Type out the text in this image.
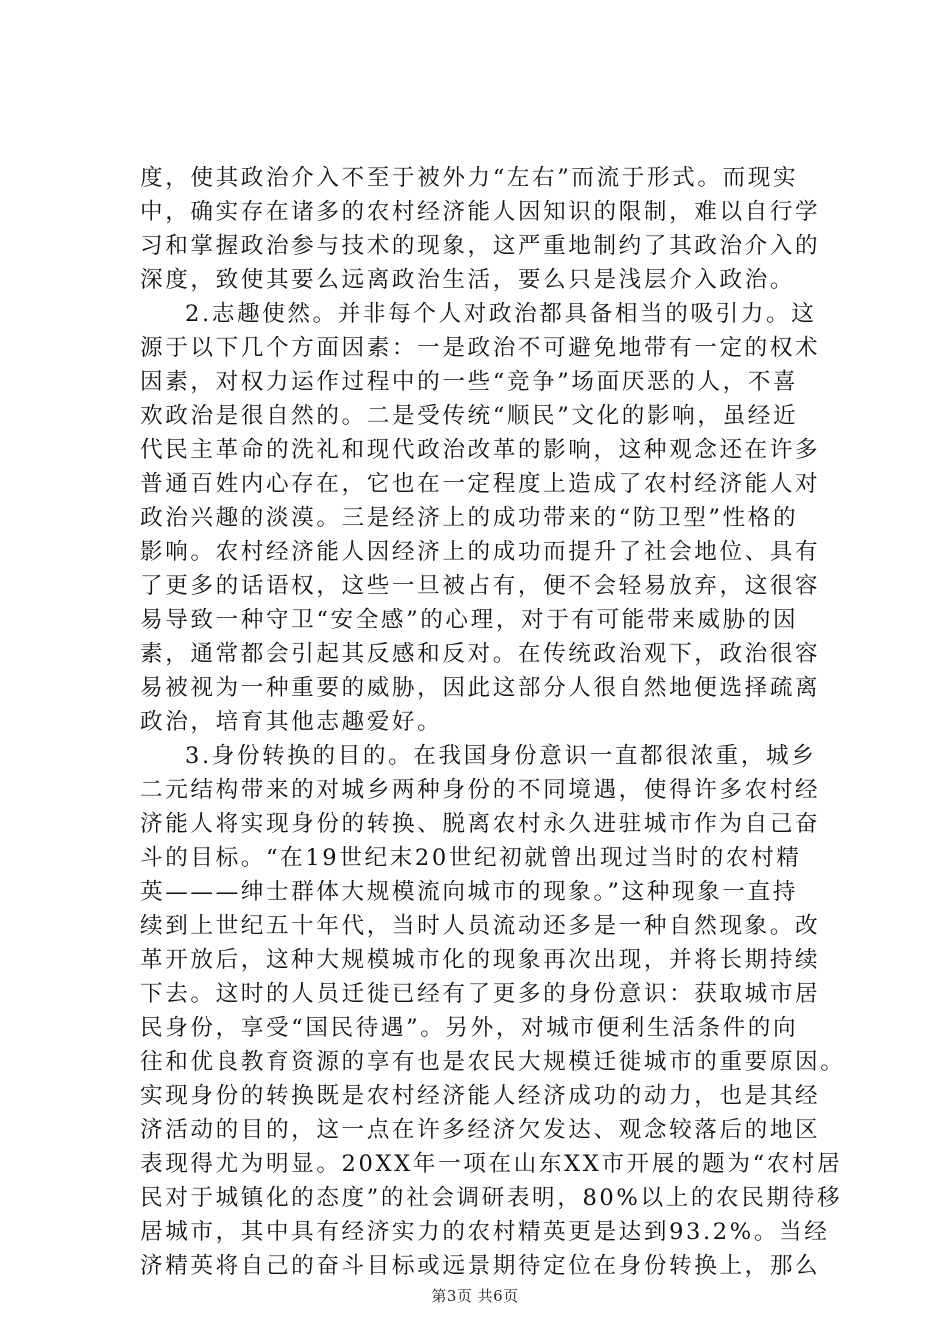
度，使其政治介入不至于被外力“左右”而流于形式。而现实
中，确实存在诸多的农村经济能人因知识的限制，难以自行学
习和掌握政治参与技术的现象，这严重地制约了其政治介入的
深度，致使其要么远离政治生活，要么只是浅层介入政治。
2.志趣使然。并非每个人对政治都具备相当的吸引力。这
源于以下几个方面因素：一是政治不可避免地带有一定的权术
因素，对权力运作过程中的一些“竞争”场面厌恶的人，不喜
欢政治是很自然的。二是受传统“顺民”文化的影响，虽经近
代民主革命的洗礼和现代政治改革的影响，这种观念还在许多
普通百姓内心存在，它也在一定程度上造成了农村经济能人对
政治兴趣的淡漠。三是经济上的成功带来的“防卫型”性格的
影响。农村经济能人因经济上的成功而提升了社会地位、具有
了更多的话语权，这些一旦被占有，便不会轻易放弃，这很容
易导致一种守卫“安全感”的心理，对于有可能带来威胁的因
素，通常都会引起其反感和反对。在传统政治观下，政治很容
易被视为一种重要的威胁，因此这部分人很自然地便选择疏离
政治，培育其他志趣爱好。
3.身份转换的目的。在我国身份意识一直都很浓重，城乡
二元结构带来的对城乡两种身份的不同境遇，使得许多农村经
济能人将实现身份的转换、脱离农村永久进驻城市作为自己奋
斗的目标。“在19世纪末20世纪初就曾出现过当时的农村精
英———绅士群体大规模流向城市的现象。”这种现象一直持
续到上世纪五十年代，当时人员流动还多是一种自然现象。改
革开放后，这种大规模城市化的现象再次出现，并将长期持续
下去。这时的人员迁徙已经有了更多的身份意识：获取城市居
民身份，享受“国民待遇”。另外，对城市便利生活条件的向
往和优良教育资源的享有也是农民大规模迁徙城市的重要原因。
实现身份的转换既是农村经济能人经济成功的动力，也是其经
济活动的目的，这一点在许多经济欠发达、观念较落后的地区
表现得尤为明显。20XX年一项在山东XX市开展的题为“农村居
民对于城镇化的态度”的社会调研表明，80%以上的农民期待移
居城市，其中具有经济实力的农村精英更是达到93.2%。当经
济精英将自己的奋斗目标或远景期待定位在身份转换上，那么
第3页 共6页
